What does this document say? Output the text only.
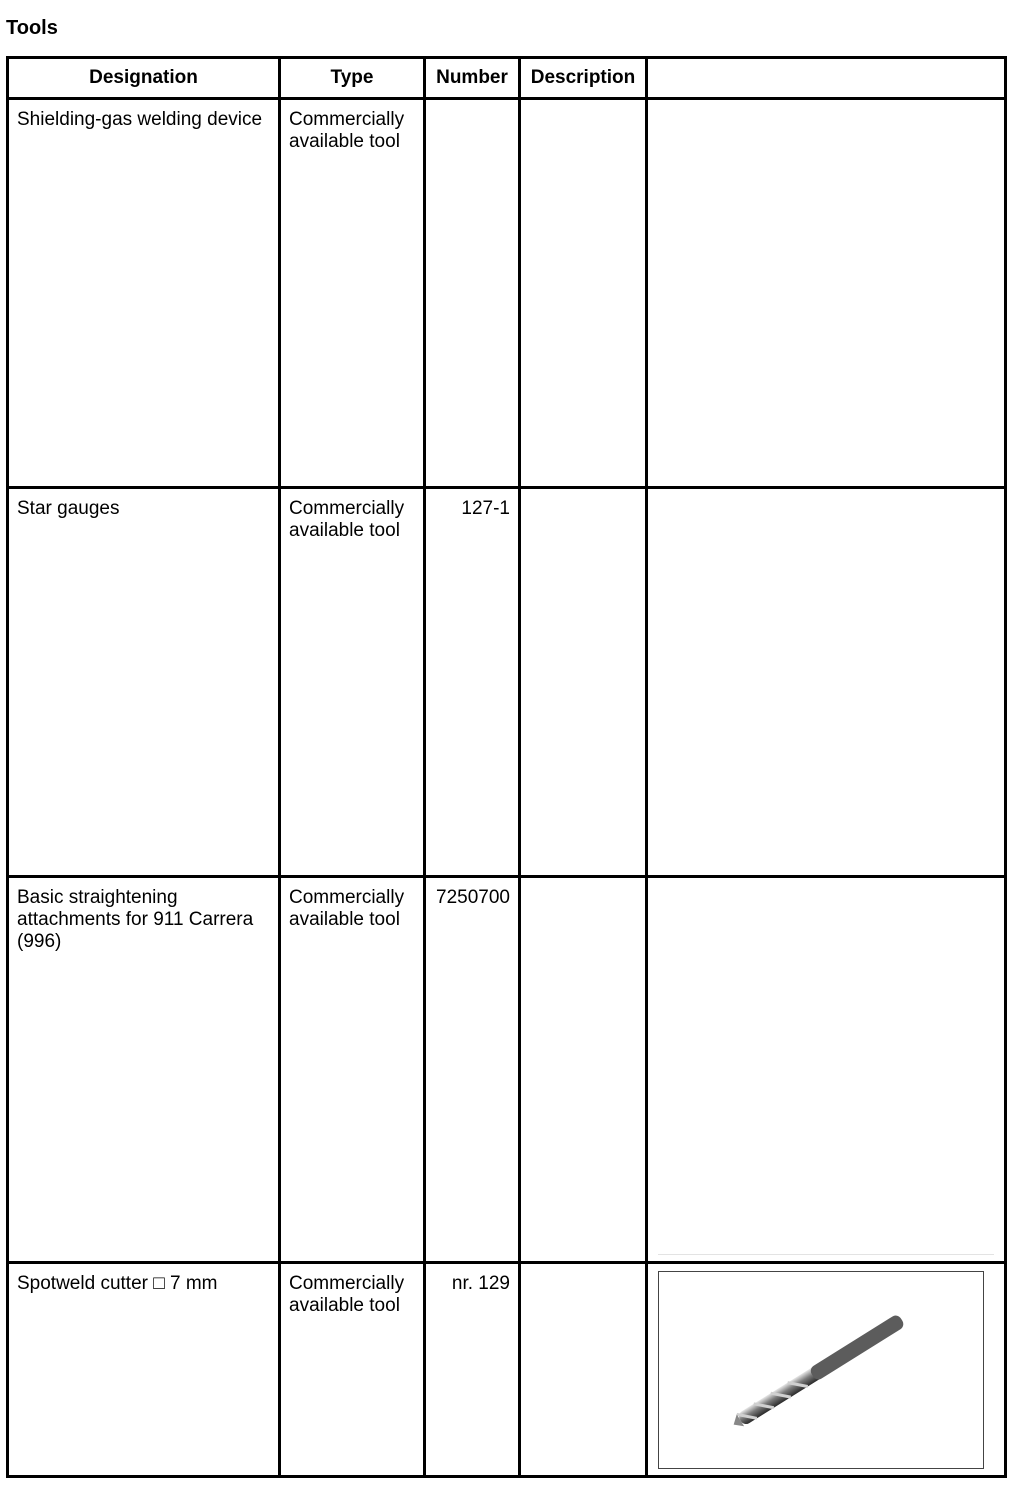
Tools
Designation	Type	Number	Description	

Shielding-gas welding device	Commercially available tool			

Star gauges	Commercially available tool	127-1		

Basic straightening attachments for 911 Carrera (996)	Commercially available tool	7250700		

Spotweld cutter □ 7 mm	Commercially available tool	nr. 129
